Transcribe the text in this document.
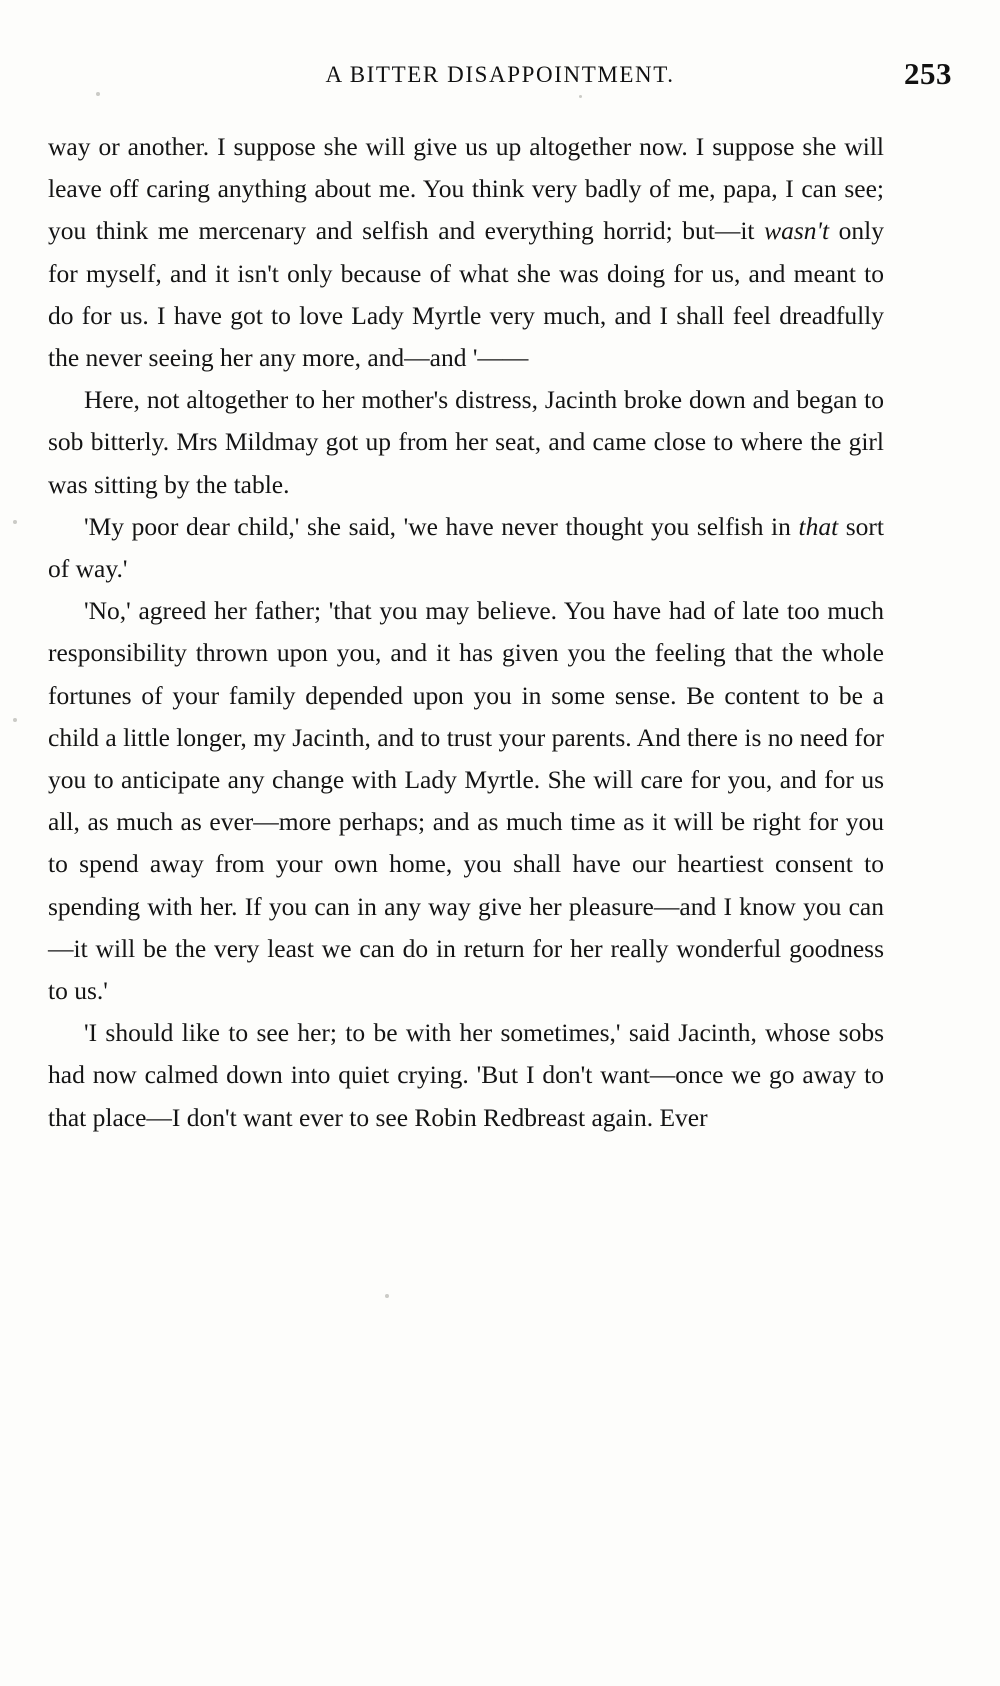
A BITTER DISAPPOINTMENT.	253

way or another. I suppose she will give us up altogether now. I suppose she will leave off caring anything about me. You think very badly of me, papa, I can see; you think me mercenary and selfish and everything horrid; but—it wasn't only for myself, and it isn't only because of what she was doing for us, and meant to do for us. I have got to love Lady Myrtle very much, and I shall feel dreadfully the never seeing her any more, and—and '——

Here, not altogether to her mother's distress, Jacinth broke down and began to sob bitterly. Mrs Mildmay got up from her seat, and came close to where the girl was sitting by the table.

'My poor dear child,' she said, 'we have never thought you selfish in that sort of way.'

'No,' agreed her father; 'that you may believe. You have had of late too much responsibility thrown upon you, and it has given you the feeling that the whole fortunes of your family depended upon you in some sense. Be content to be a child a little longer, my Jacinth, and to trust your parents. And there is no need for you to anticipate any change with Lady Myrtle. She will care for you, and for us all, as much as ever—more perhaps; and as much time as it will be right for you to spend away from your own home, you shall have our heartiest consent to spending with her. If you can in any way give her pleasure—and I know you can—it will be the very least we can do in return for her really wonderful goodness to us.'

'I should like to see her; to be with her sometimes,' said Jacinth, whose sobs had now calmed down into quiet crying. 'But I don't want—once we go away to that place—I don't want ever to see Robin Redbreast again. Ever
